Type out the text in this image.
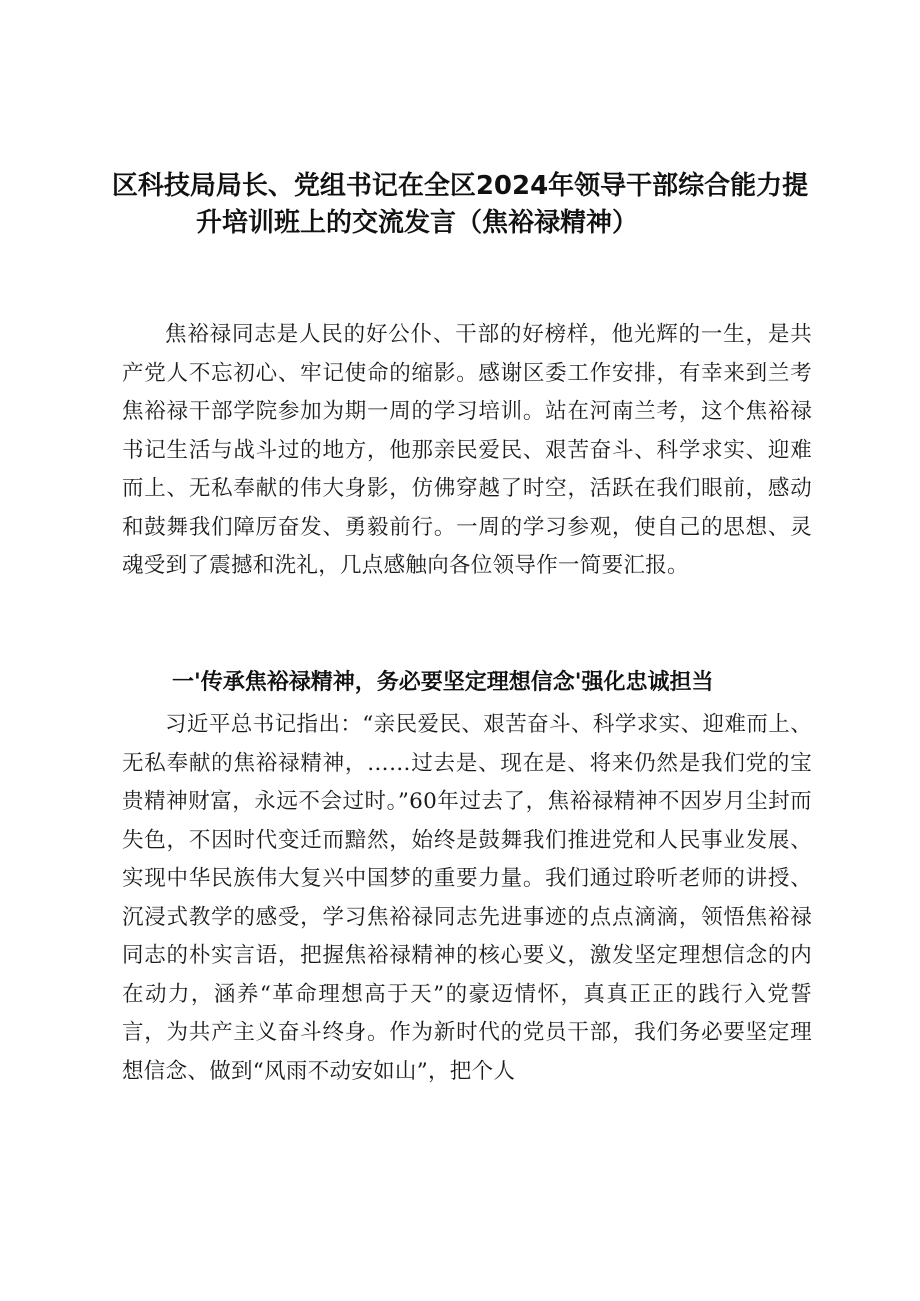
区科技局局长、党组书记在全区2024年领导干部综合能力提
升培训班上的交流发言（焦裕禄精神）

焦裕禄同志是人民的好公仆、干部的好榜样，他光辉的一生，是共产党人不忘初心、牢记使命的缩影。感谢区委工作安排，有幸来到兰考焦裕禄干部学院参加为期一周的学习培训。站在河南兰考，这个焦裕禄书记生活与战斗过的地方，他那亲民爱民、艰苦奋斗、科学求实、迎难而上、无私奉献的伟大身影，仿佛穿越了时空，活跃在我们眼前，感动和鼓舞我们障厉奋发、勇毅前行。一周的学习参观，使自己的思想、灵魂受到了震撼和洗礼，几点感触向各位领导作一简要汇报。

一'传承焦裕禄精神，务必要坚定理想信念'强化忠诚担当

习近平总书记指出：“亲民爱民、艰苦奋斗、科学求实、迎难而上、无私奉献的焦裕禄精神，……过去是、现在是、将来仍然是我们党的宝贵精神财富，永远不会过时。”60年过去了，焦裕禄精神不因岁月尘封而失色，不因时代变迁而黯然，始终是鼓舞我们推进党和人民事业发展、实现中华民族伟大复兴中国梦的重要力量。我们通过聆听老师的讲授、沉浸式教学的感受，学习焦裕禄同志先进事迹的点点滴滴，领悟焦裕禄同志的朴实言语，把握焦裕禄精神的核心要义，激发坚定理想信念的内在动力，涵养“革命理想高于天”的豪迈情怀，真真正正的践行入党誓言，为共产主义奋斗终身。作为新时代的党员干部，我们务必要坚定理想信念、做到“风雨不动安如山”，把个人
